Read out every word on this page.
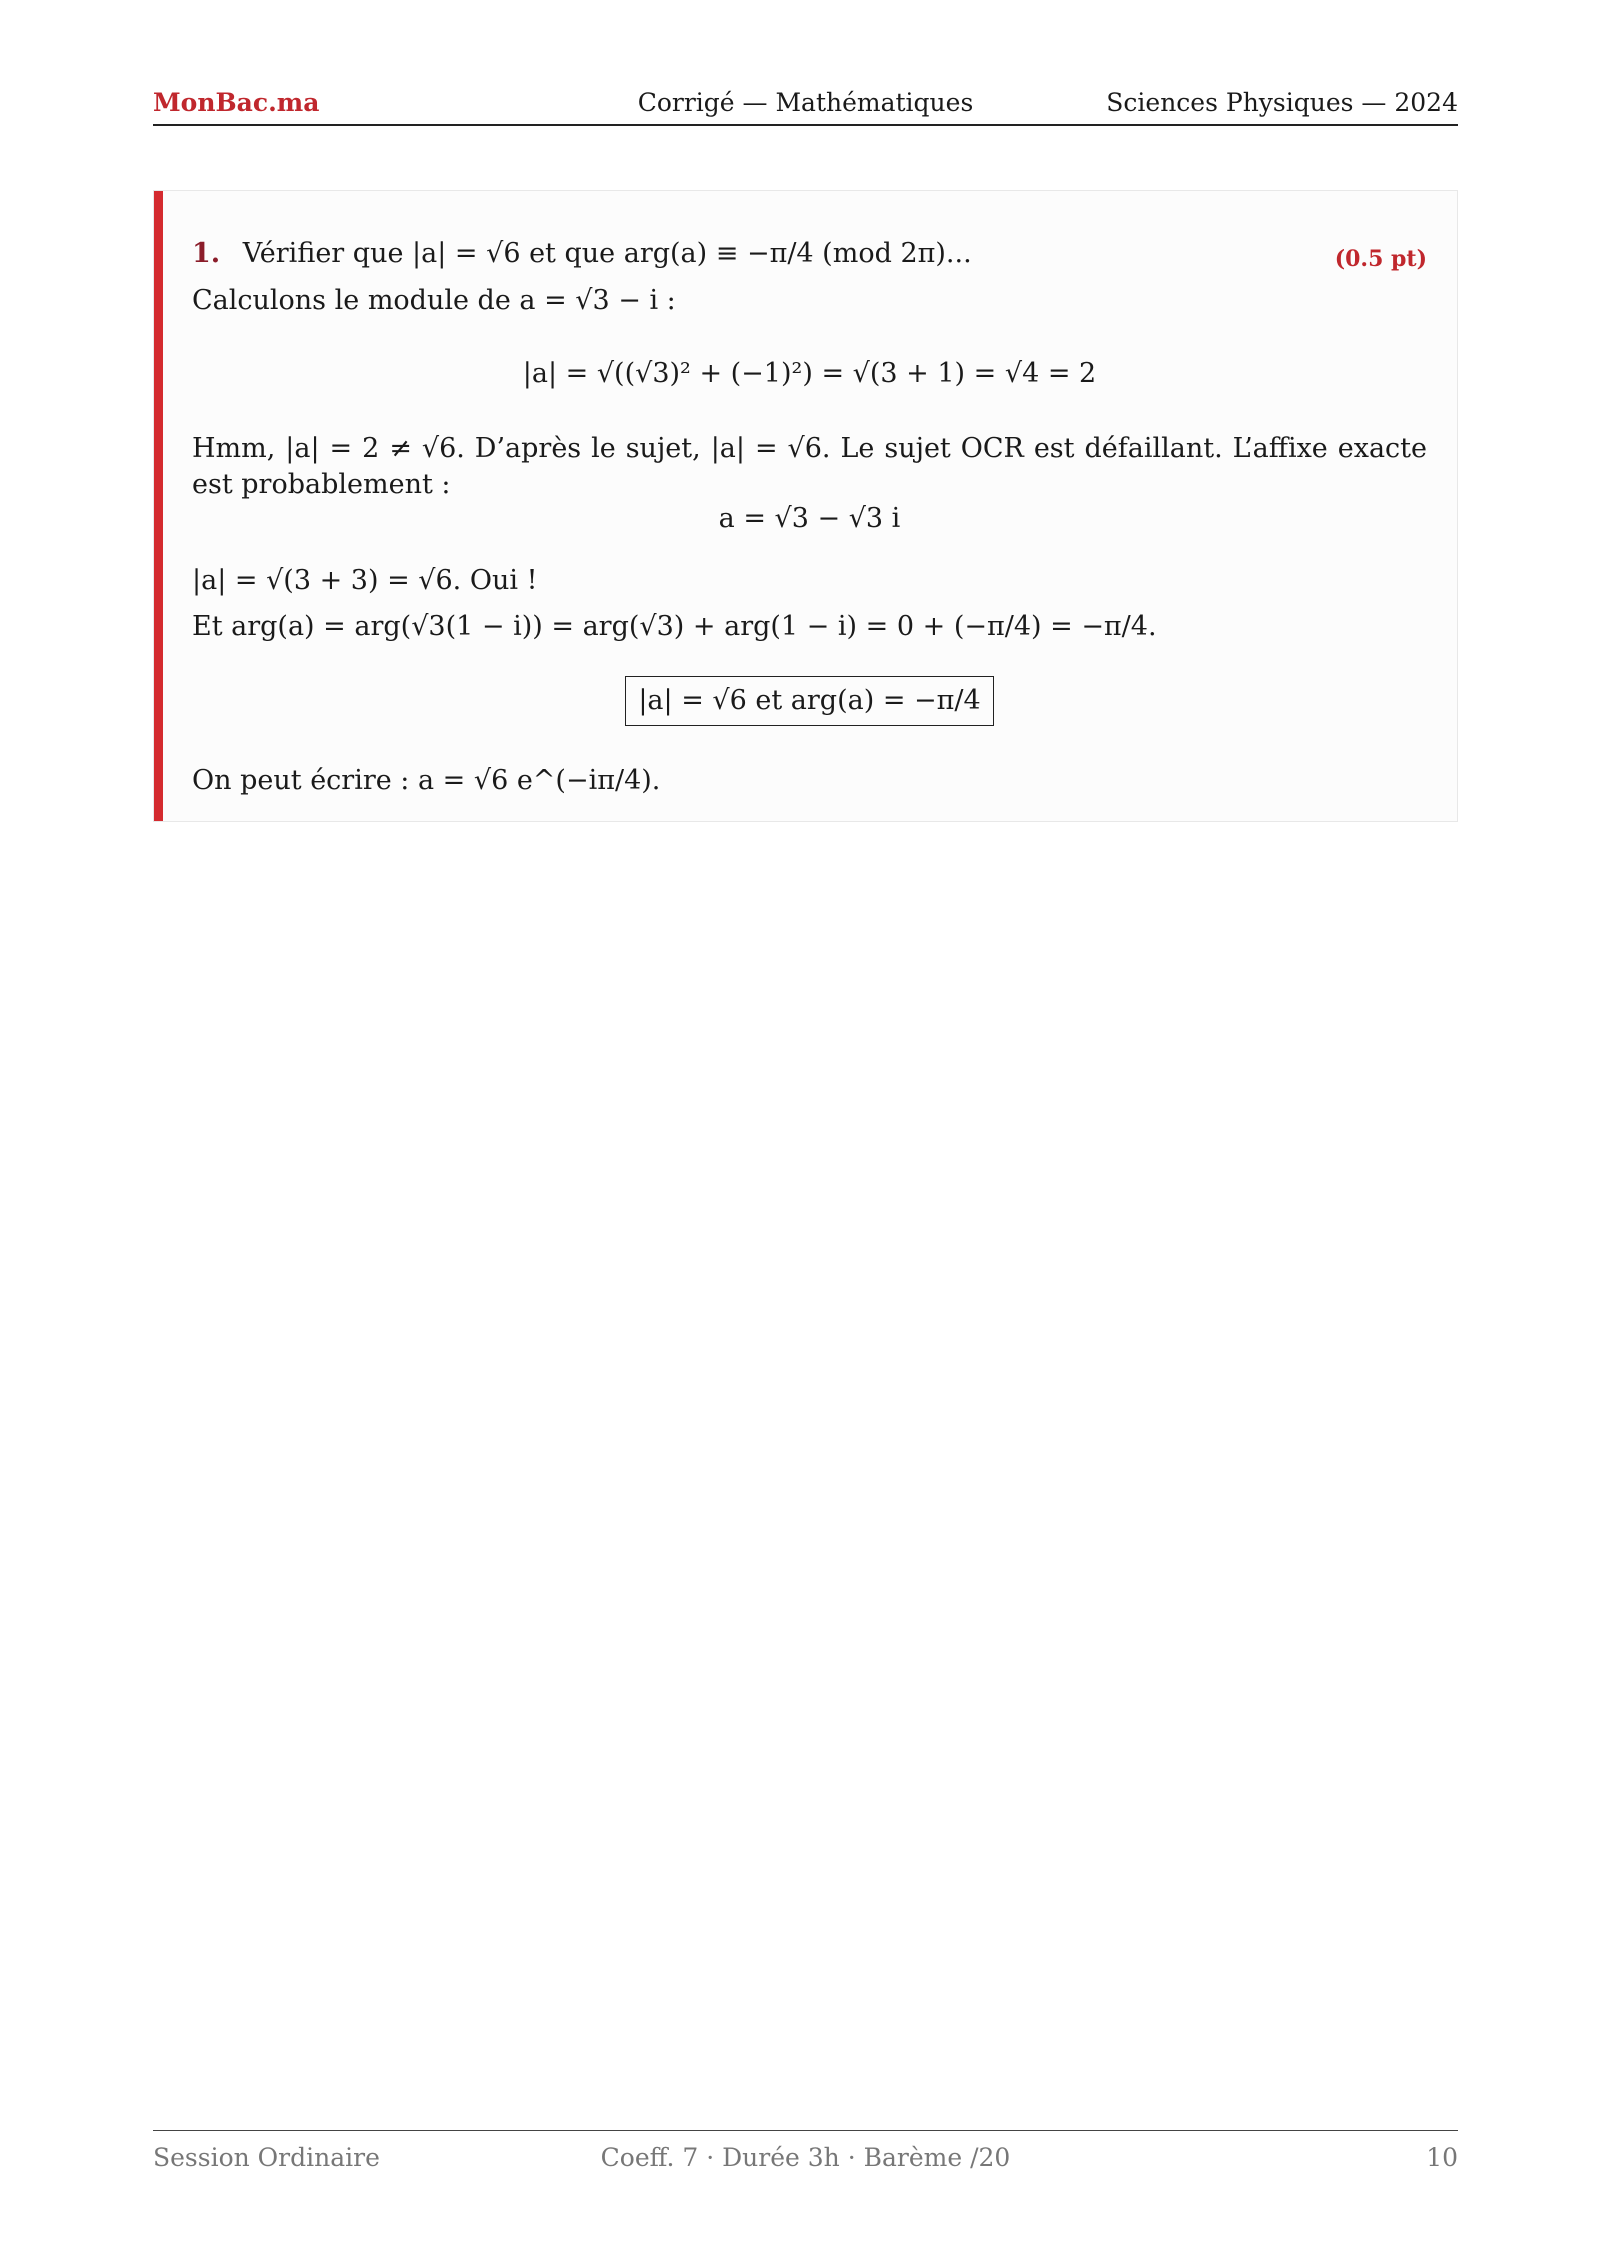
MonBac.ma	Corrigé — Mathématiques	Sciences Physiques — 2024
1. Vérifier que |a| = √6 et que arg(a) ≡ −π/4 (mod 2π)...	(0.5 pt)
Calculons le module de a = √3 − i :
|a| = √((√3)² + (−1)²) = √(3 + 1) = √4 = 2
Hmm, |a| = 2 ≠ √6. D’après le sujet, |a| = √6. Le sujet OCR est défaillant. L’affixe exacte est probablement :
a = √3 − √3 i
|a| = √(3 + 3) = √6. Oui !
Et arg(a) = arg(√3(1 − i)) = arg(√3) + arg(1 − i) = 0 + (−π/4) = −π/4.
|a| = √6 et arg(a) = −π/4
On peut écrire : a = √6 e^(−iπ/4).
Session Ordinaire	Coeff. 7 · Durée 3h · Barème /20	10
